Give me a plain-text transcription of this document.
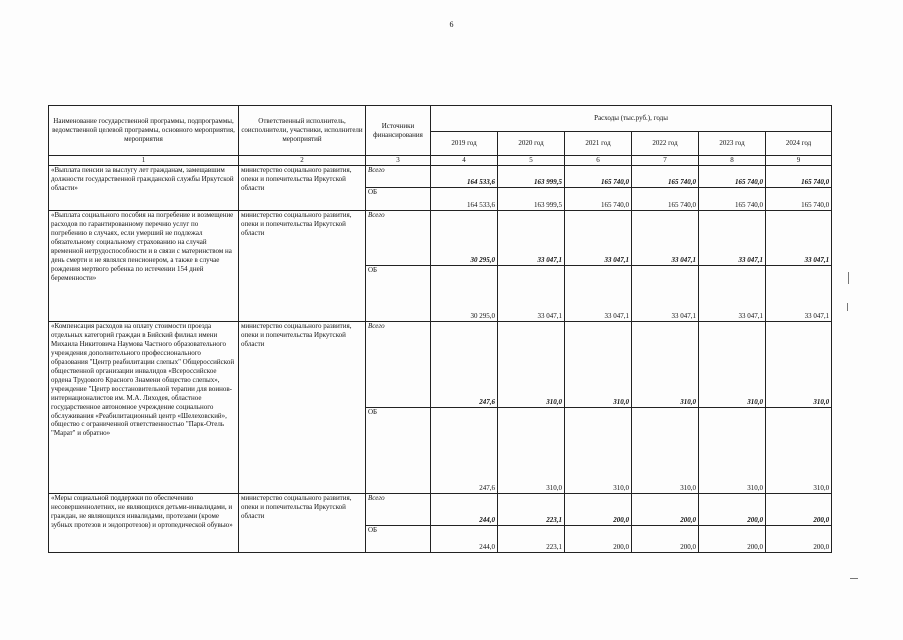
6
Наименование государственной программы, подпрограммы, ведомственной целевой программы, основного мероприятия, мероприятия	Ответственный исполнитель, соисполнители, участники, исполнители мероприятий	Источники финансирования	Расходы (тыс.руб.), годы					
			2019 год	2020 год	2021 год	2022 год	2023 год	2024 год
1	2	3	4	5	6	7	8	9
«Выплата пенсии за выслугу лет гражданам, замещавшим должности государственной гражданской службы Иркутской области»	министерство социального развития, опеки и попечительства Иркутской области	Всего	164 533,6	163 999,5	165 740,0	165 740,0	165 740,0	165 740,0
		ОБ	164 533,6	163 999,5	165 740,0	165 740,0	165 740,0	165 740,0
«Выплата социального пособия на погребение и возмещение расходов по гарантированному перечню услуг по погребению в случаях, если умерший не подлежал обязательному социальному страхованию на случай временной нетрудоспособности и в связи с материнством на день смерти и не являлся пенсионером, а также в случае рождения мертвого ребенка по истечении 154 дней беременности»	министерство социального развития, опеки и попечительства Иркутской области	Всего	30 295,0	33 047,1	33 047,1	33 047,1	33 047,1	33 047,1
		ОБ	30 295,0	33 047,1	33 047,1	33 047,1	33 047,1	33 047,1
«Компенсация расходов на оплату стоимости проезда отдельных категорий граждан в Бийский филиал имени Михаила Никитовича Наумова Частного образовательного учреждения дополнительного профессионального образования "Центр реабилитации слепых" Общероссийской общественной организации инвалидов «Всероссийское ордена Трудового Красного Знамени общество слепых», учреждение "Центр восстановительной терапии для воинов-интернационалистов им. М.А. Лиходея, областное государственное автономное учреждение социального обслуживания «Реабилитационный центр «Шелеховский», общество с ограниченной ответственностью "Парк-Отель "Марат" и обратно»	министерство социального развития, опеки и попечительства Иркутской области	Всего	247,6	310,0	310,0	310,0	310,0	310,0
		ОБ	247,6	310,0	310,0	310,0	310,0	310,0
«Меры социальной поддержки по обеспечению несовершеннолетних, не являющихся детьми-инвалидами, и граждан, не являющихся инвалидами, протезами (кроме зубных протезов и эндопротезов) и ортопедической обувью»	министерство социального развития, опеки и попечительства Иркутской области	Всего	244,0	223,1	200,0	200,0	200,0	200,0
		ОБ	244,0	223,1	200,0	200,0	200,0	200,0
